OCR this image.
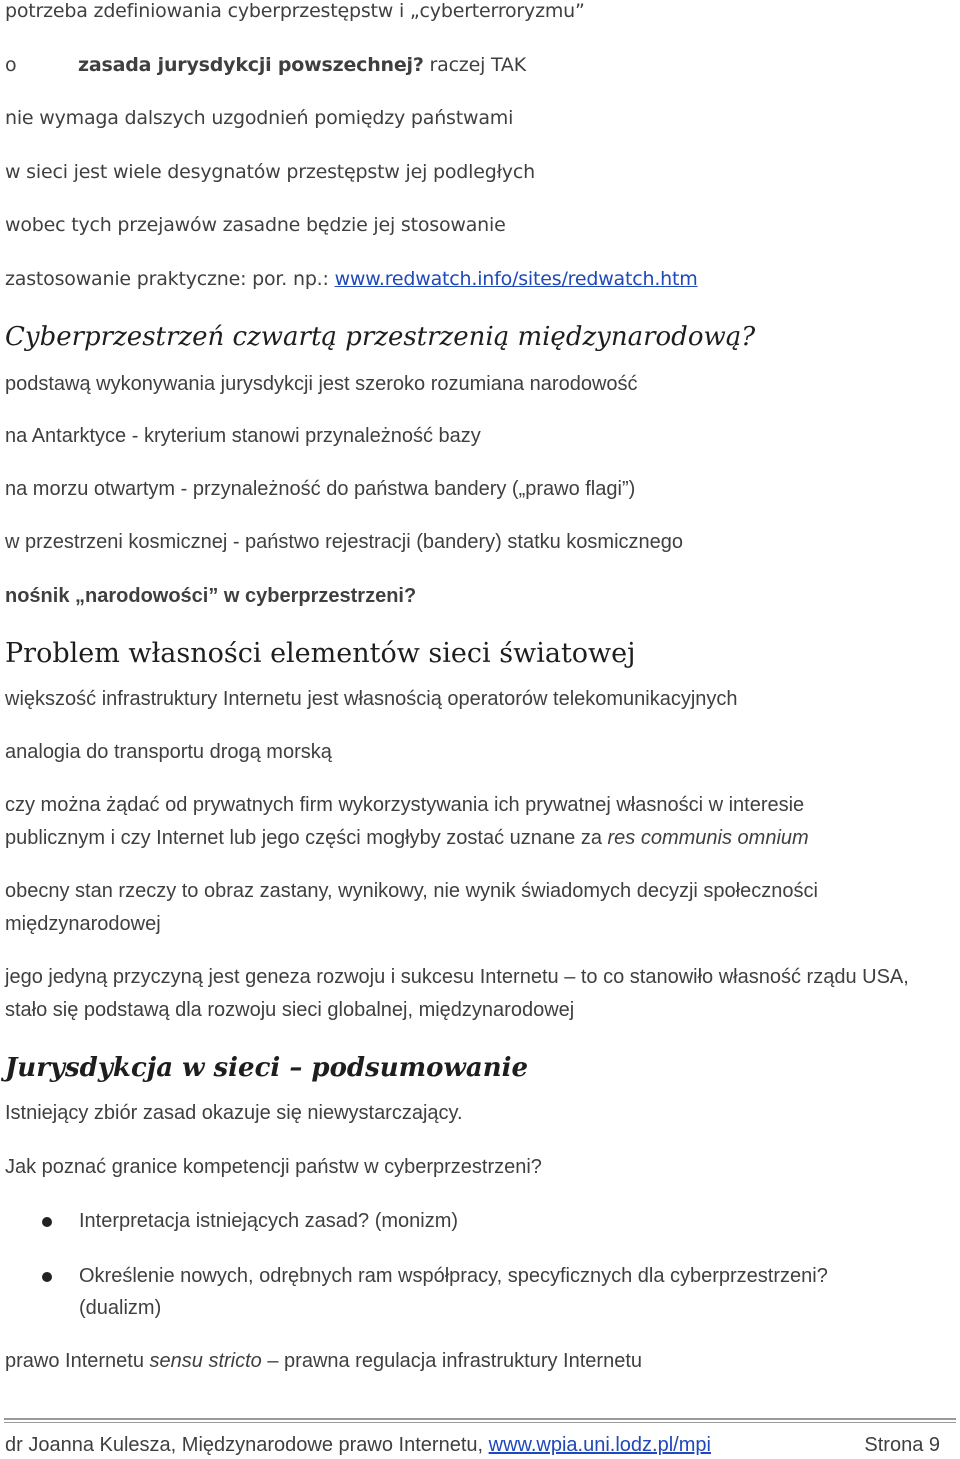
potrzeba zdefiniowania cyberprzestępstw i „cyberterroryzmu”
o	zasada jurysdykcji powszechnej? raczej TAK
nie wymaga dalszych uzgodnień pomiędzy państwami
w sieci jest wiele desygnatów przestępstw jej podległych
wobec tych przejawów zasadne będzie jej stosowanie
zastosowanie praktyczne: por. np.: www.redwatch.info/sites/redwatch.htm
Cyberprzestrzeń czwartą przestrzenią międzynarodową?
podstawą wykonywania jurysdykcji jest szeroko rozumiana narodowość
na Antarktyce - kryterium stanowi przynależność bazy
na morzu otwartym - przynależność do państwa bandery („prawo flagi”)
w przestrzeni kosmicznej - państwo rejestracji (bandery) statku kosmicznego
nośnik „narodowości” w cyberprzestrzeni?
Problem własności elementów sieci światowej
większość infrastruktury Internetu jest własnością operatorów telekomunikacyjnych
analogia do transportu drogą morską
czy można żądać od prywatnych firm wykorzystywania ich prywatnej własności w interesie
publicznym i czy Internet lub jego części mogłyby zostać uznane za res communis omnium
obecny stan rzeczy to obraz zastany, wynikowy, nie wynik świadomych decyzji społeczności
międzynarodowej
jego jedyną przyczyną jest geneza rozwoju i sukcesu Internetu – to co stanowiło własność rządu USA,
stało się podstawą dla rozwoju sieci globalnej, międzynarodowej
Jurysdykcja w sieci – podsumowanie
Istniejący zbiór zasad okazuje się niewystarczający.
Jak poznać granice kompetencji państw w cyberprzestrzeni?
Interpretacja istniejących zasad? (monizm)
Określenie nowych, odrębnych ram współpracy, specyficznych dla cyberprzestrzeni?
(dualizm)
prawo Internetu sensu stricto – prawna regulacja infrastruktury Internetu
dr Joanna Kulesza, Międzynarodowe prawo Internetu, www.wpia.uni.lodz.pl/mpi	Strona 9
